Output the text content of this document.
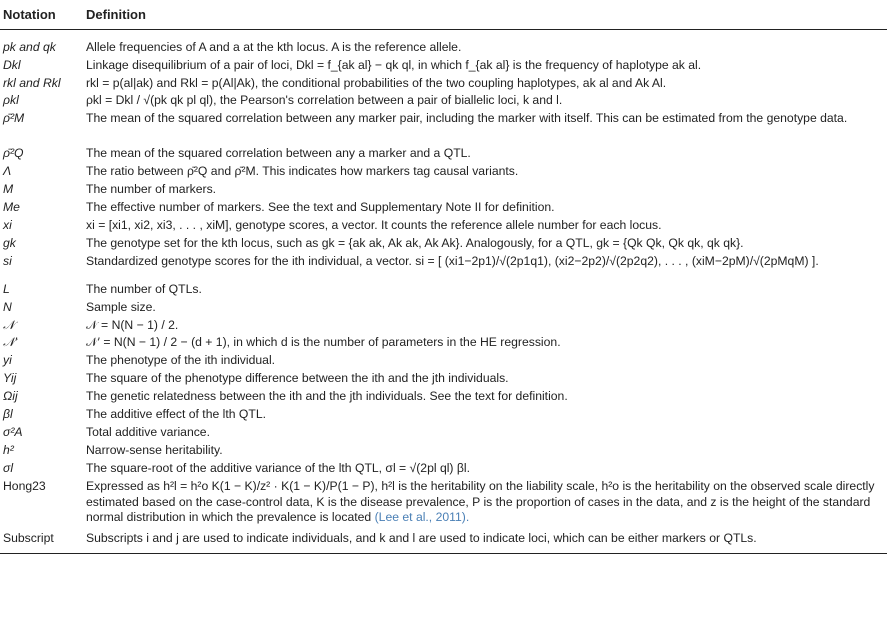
Notation	Definition
pk and qk	Allele frequencies of A and a at the kth locus. A is the reference allele.
Dkl	Linkage disequilibrium of a pair of loci, Dkl = f_{ak al} − qk ql, in which f_{ak al} is the frequency of haplotype ak al.
rkl and Rkl	rkl = p(al|ak) and Rkl = p(Al|Ak), the conditional probabilities of the two coupling haplotypes, ak al and Ak Al.
ρkl	ρkl = Dkl / √(pk qk pl ql), the Pearson's correlation between a pair of biallelic loci, k and l.
ρ̄²M	The mean of the squared correlation between any marker pair, including the marker with itself. This can be estimated from the genotype data.
ρ̄²Q	The mean of the squared correlation between any a marker and a QTL.
Λ	The ratio between ρ̄²Q and ρ̄²M. This indicates how markers tag causal variants.
M	The number of markers.
Me	The effective number of markers. See the text and Supplementary Note II for definition.
xi	xi = [xi1, xi2, xi3, . . . , xiM], genotype scores, a vector. It counts the reference allele number for each locus.
gk	The genotype set for the kth locus, such as gk = {ak ak, Ak ak, Ak Ak}. Analogously, for a QTL, gk = {Qk Qk, Qk qk, qk qk}.
si	Standardized genotype scores for the ith individual, a vector. si = [ (xi1−2p1)/√(2p1q1), (xi2−2p2)/√(2p2q2), . . . , (xiM−2pM)/√(2pMqM) ].
L	The number of QTLs.
N	Sample size.
𝒩	𝒩 = N(N − 1) / 2.
𝒩′	𝒩′ = N(N − 1) / 2 − (d + 1), in which d is the number of parameters in the HE regression.
yi	The phenotype of the ith individual.
Yij	The square of the phenotype difference between the ith and the jth individuals.
Ωij	The genetic relatedness between the ith and the jth individuals. See the text for definition.
βl	The additive effect of the lth QTL.
σ²A	Total additive variance.
h²	Narrow-sense heritability.
σl	The square-root of the additive variance of the lth QTL, σl = √(2pl ql) βl.
Hong23	Expressed as h²l = h²o K(1 − K)/z² · K(1 − K)/P(1 − P), h²l is the heritability on the liability scale, h²o is the heritability on the observed scale directly estimated based on the case-control data, K is the disease prevalence, P is the proportion of cases in the data, and z is the height of the standard normal distribution in which the prevalence is located (Lee et al., 2011).
Subscript	Subscripts i and j are used to indicate individuals, and k and l are used to indicate loci, which can be either markers or QTLs.
